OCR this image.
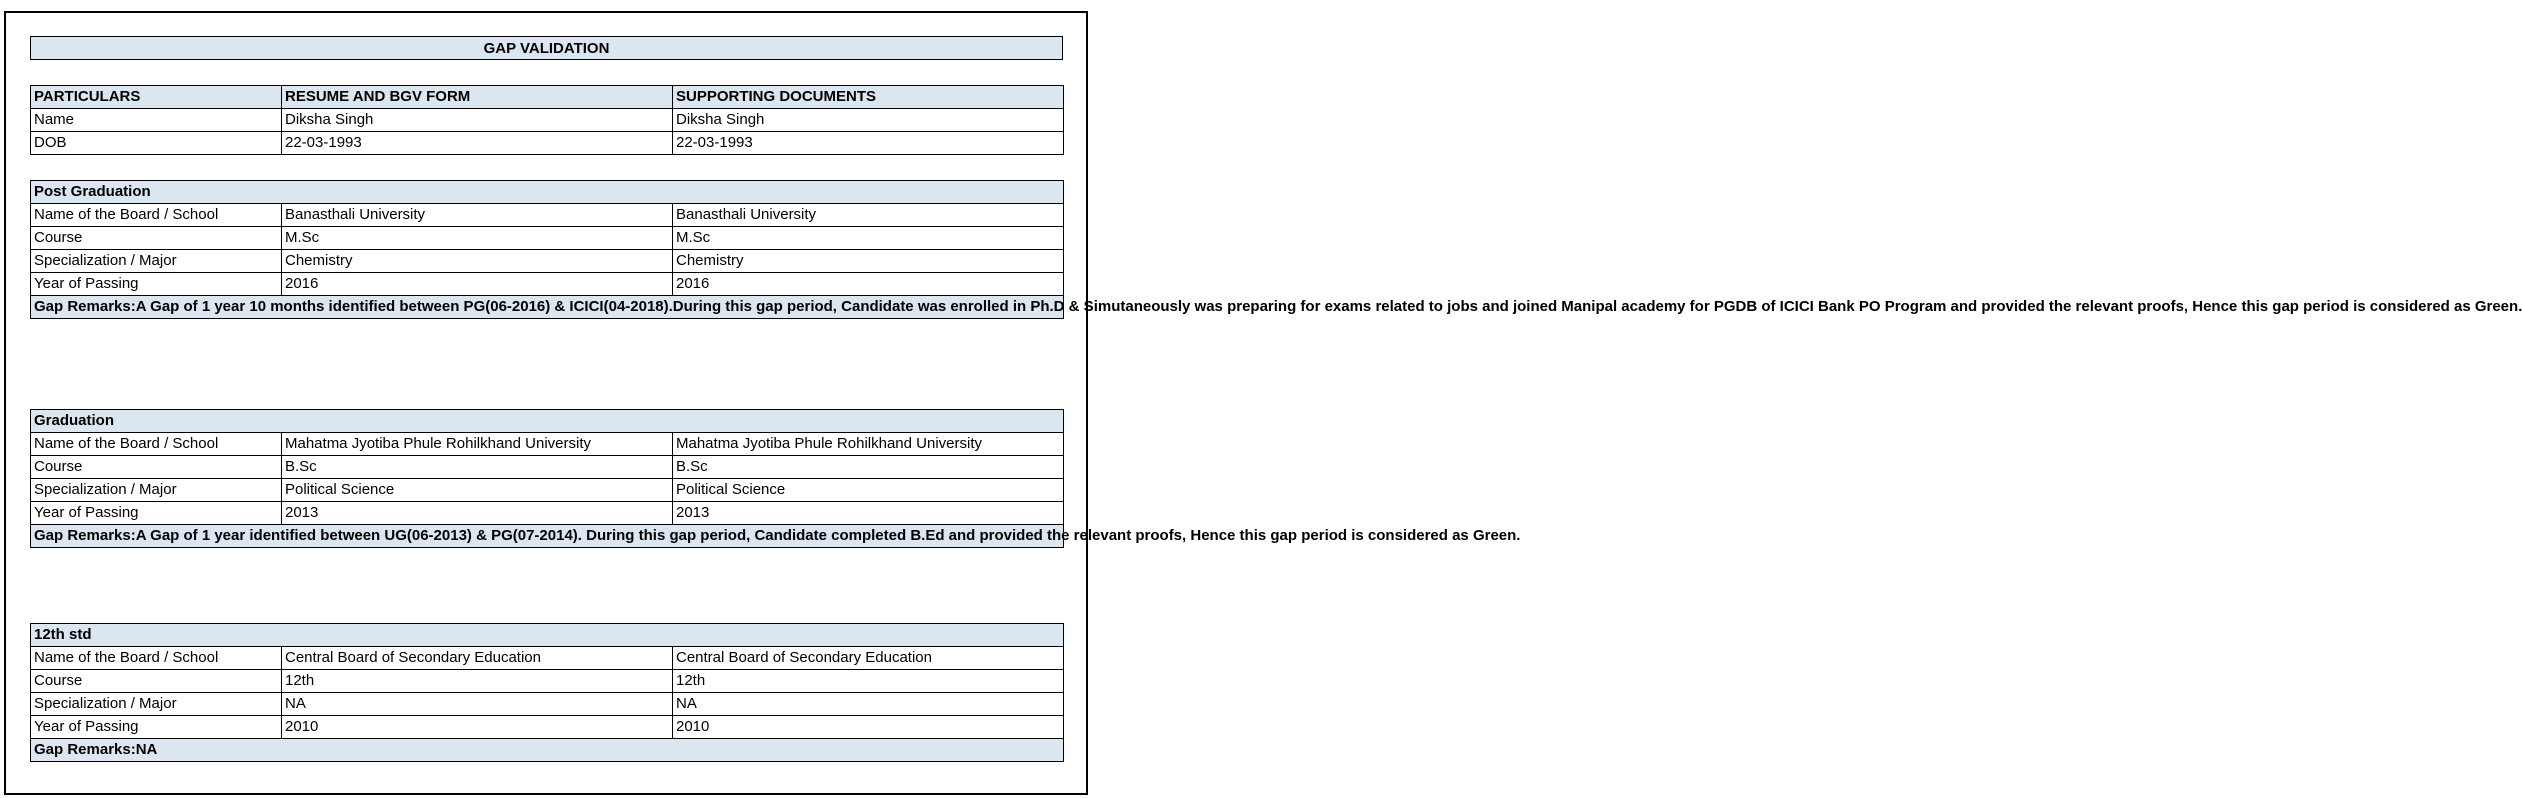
GAP VALIDATION
PARTICULARS	RESUME AND BGV FORM	SUPPORTING DOCUMENTS
Name	Diksha Singh	Diksha Singh
DOB	22-03-1993	22-03-1993
Post Graduation		
Name of the Board / School	Banasthali University	Banasthali University
Course	M.Sc	M.Sc
Specialization / Major	Chemistry	Chemistry
Year of Passing	2016	2016
Gap Remarks:A Gap of 1 year 10 months identified between PG(06-2016) & ICICI(04-2018).During this gap period, Candidate was enrolled in Ph.D & Simutaneously was preparing for exams related to jobs and joined Manipal academy for PGDB of ICICI Bank PO Program and provided the relevant proofs, Hence this gap period is considered as Green.		
Graduation		
Name of the Board / School	Mahatma Jyotiba Phule Rohilkhand University	Mahatma Jyotiba Phule Rohilkhand University
Course	B.Sc	B.Sc
Specialization / Major	Political Science	Political Science
Year of Passing	2013	2013
Gap Remarks:A Gap of 1 year identified between UG(06-2013) & PG(07-2014). During this gap period, Candidate completed B.Ed and provided the relevant proofs, Hence this gap period is considered as Green.		
12th std		
Name of the Board / School	Central Board of Secondary Education	Central Board of Secondary Education
Course	12th	12th
Specialization / Major	NA	NA
Year of Passing	2010	2010
Gap Remarks:NA		
